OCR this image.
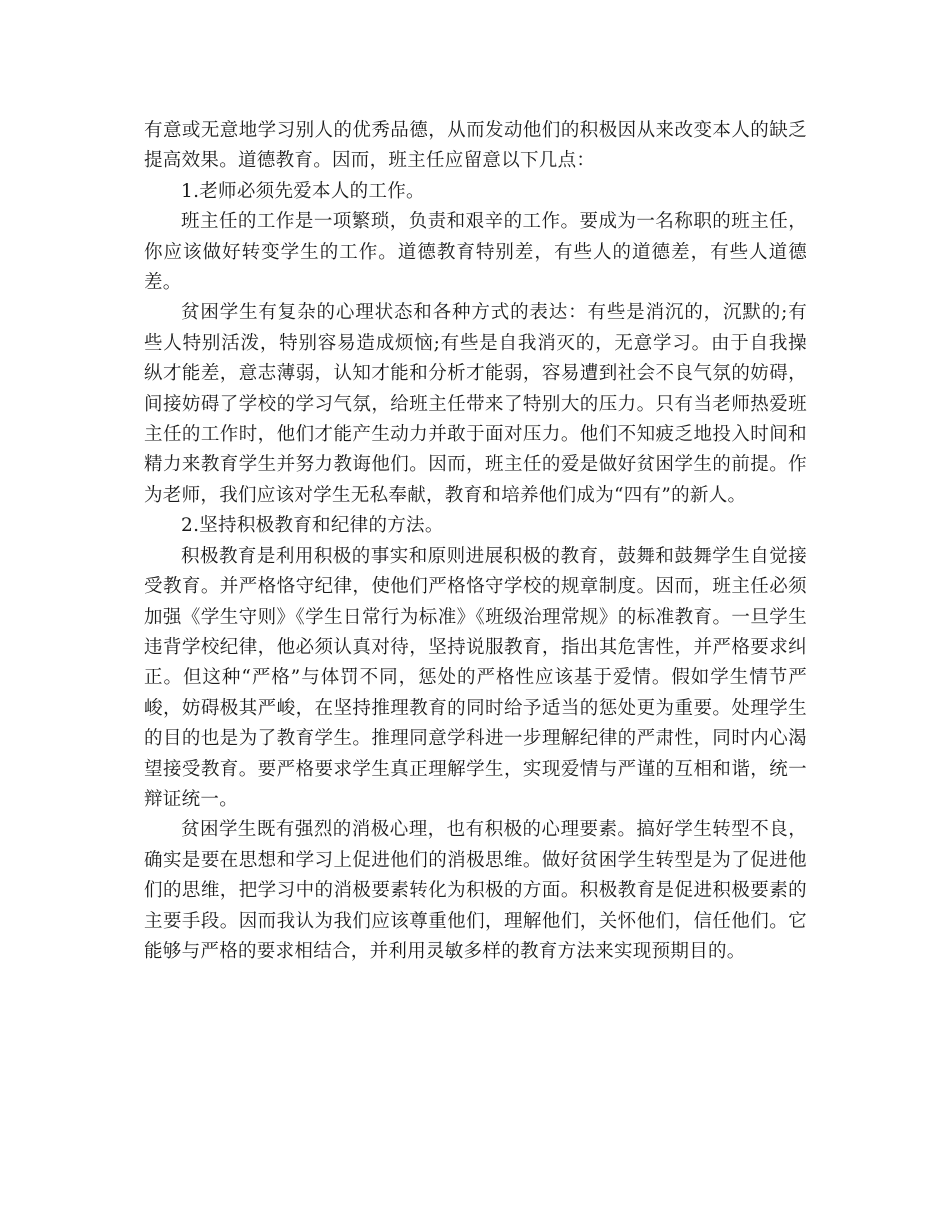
有意或无意地学习别人的优秀品德，从而发动他们的积极因从来改变本人的缺乏提高效果。道德教育。因而，班主任应留意以下几点：

1.老师必须先爱本人的工作。

班主任的工作是一项繁琐，负责和艰辛的工作。要成为一名称职的班主任，你应该做好转变学生的工作。道德教育特别差，有些人的道德差，有些人道德差。

贫困学生有复杂的心理状态和各种方式的表达：有些是消沉的，沉默的;有些人特别活泼，特别容易造成烦恼;有些是自我消灭的，无意学习。由于自我操纵才能差，意志薄弱，认知才能和分析才能弱，容易遭到社会不良气氛的妨碍，间接妨碍了学校的学习气氛，给班主任带来了特别大的压力。只有当老师热爱班主任的工作时，他们才能产生动力并敢于面对压力。他们不知疲乏地投入时间和精力来教育学生并努力教诲他们。因而，班主任的爱是做好贫困学生的前提。作为老师，我们应该对学生无私奉献，教育和培养他们成为“四有”的新人。

2.坚持积极教育和纪律的方法。

积极教育是利用积极的事实和原则进展积极的教育，鼓舞和鼓舞学生自觉接受教育。并严格恪守纪律，使他们严格恪守学校的规章制度。因而，班主任必须加强《学生守则》《学生日常行为标准》《班级治理常规》的标准教育。一旦学生违背学校纪律，他必须认真对待，坚持说服教育，指出其危害性，并严格要求纠正。但这种“严格”与体罚不同，惩处的严格性应该基于爱情。假如学生情节严峻，妨碍极其严峻，在坚持推理教育的同时给予适当的惩处更为重要。处理学生的目的也是为了教育学生。推理同意学科进一步理解纪律的严肃性，同时内心渴望接受教育。要严格要求学生真正理解学生，实现爱情与严谨的互相和谐，统一辩证统一。

贫困学生既有强烈的消极心理，也有积极的心理要素。搞好学生转型不良，确实是要在思想和学习上促进他们的消极思维。做好贫困学生转型是为了促进他们的思维，把学习中的消极要素转化为积极的方面。积极教育是促进积极要素的主要手段。因而我认为我们应该尊重他们，理解他们，关怀他们，信任他们。它能够与严格的要求相结合，并利用灵敏多样的教育方法来实现预期目的。
